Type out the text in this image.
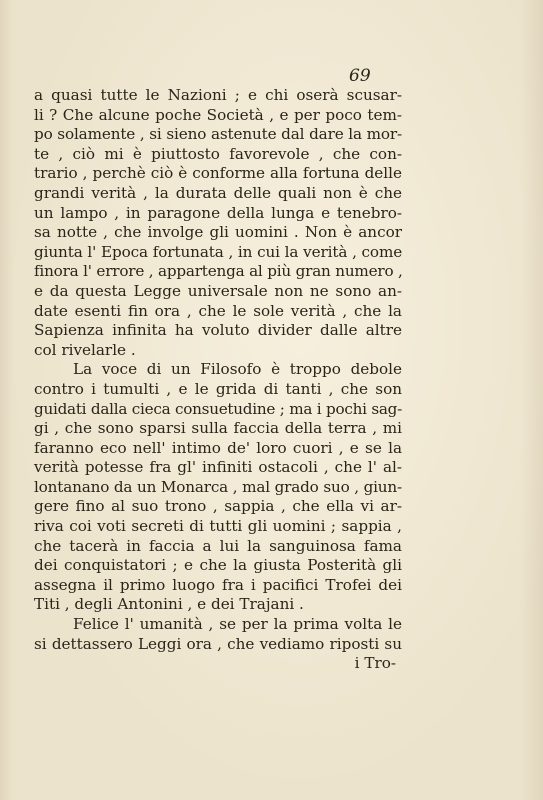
69
a quasi tutte le Nazioni ; e chi oserà scusar-
li ? Che alcune poche Società , e per poco tem-
po solamente , si sieno astenute dal dare la mor-
te , ciò mi è piuttosto favorevole , che con-
trario , perchè ciò è conforme alla fortuna delle
grandi verità , la durata delle quali non è che
un lampo , in paragone della lunga e tenebro-
sa notte , che involge gli uomini . Non è ancor
giunta l' Epoca fortunata , in cui la verità , come
finora l' errore , appartenga al più gran numero ,
e da questa Legge universale non ne sono an-
date esenti fin ora , che le sole verità , che la
Sapienza infinita ha voluto divider dalle altre
col rivelarle .
La voce di un Filosofo è troppo debole
contro i tumulti , e le grida di tanti , che son
guidati dalla cieca consuetudine ; ma i pochi sag-
gi , che sono sparsi sulla faccia della terra , mi
faranno eco nell' intimo de' loro cuori , e se la
verità potesse fra gl' infiniti ostacoli , che l' al-
lontanano da un Monarca , mal grado suo , giun-
gere fino al suo trono , sappia , che ella vi ar-
riva coi voti secreti di tutti gli uomini ; sappia ,
che tacerà in faccia a lui la sanguinosa fama
dei conquistatori ; e che la giusta Posterità gli
assegna il primo luogo fra i pacifici Trofei dei
Titi , degli Antonini , e dei Trajani .
Felice l' umanità , se per la prima volta le
si dettassero Leggi ora , che vediamo riposti su
i Tro-
